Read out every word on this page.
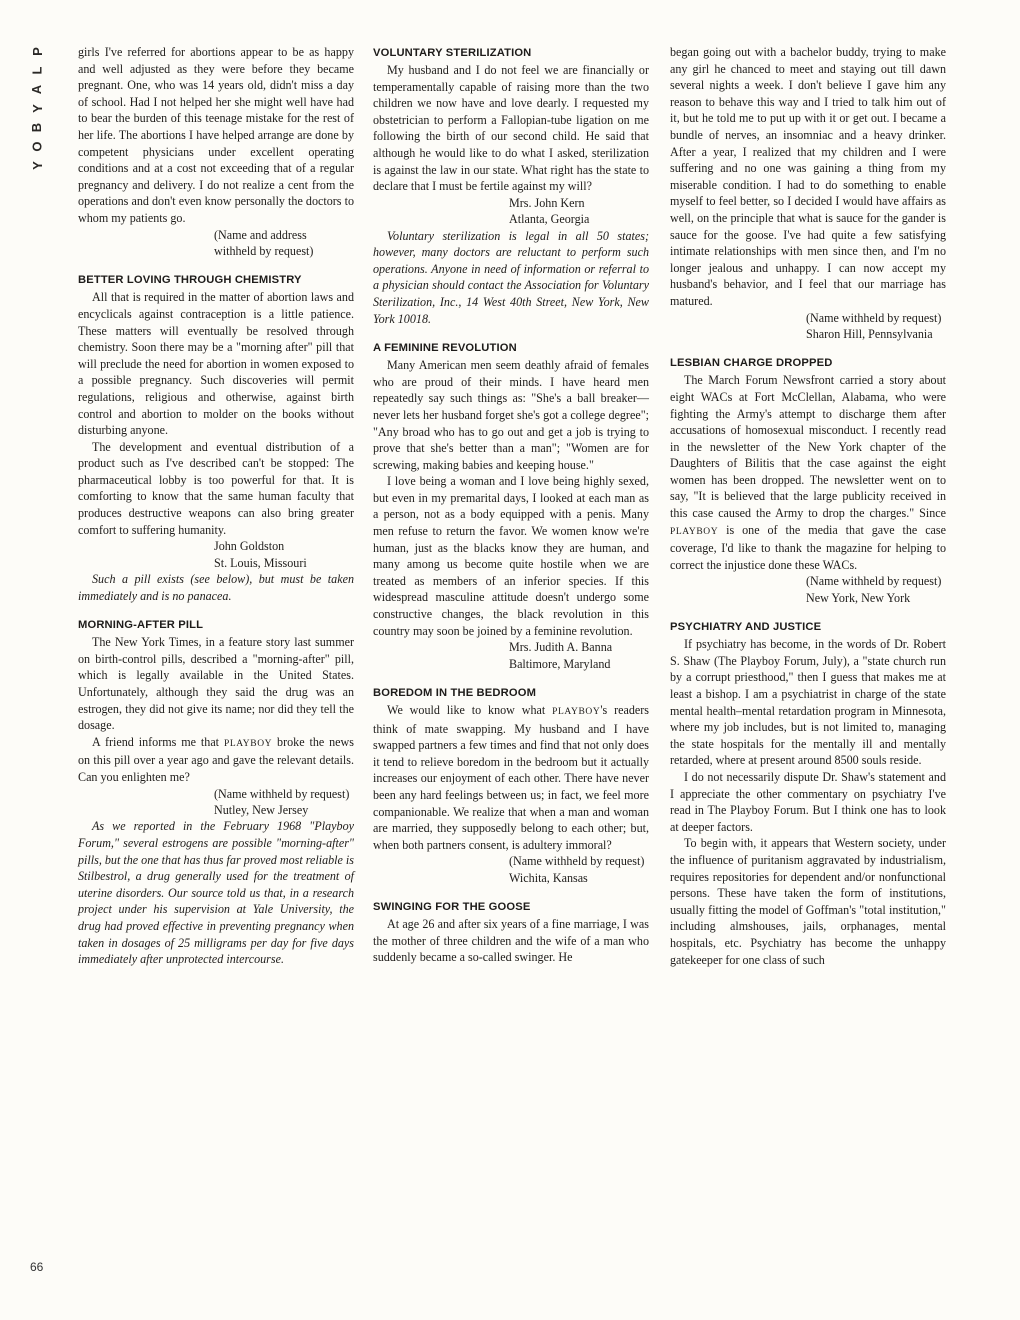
P
L
A
Y
B
O
Y

girls I've referred for abortions appear to be as happy and well adjusted as they were before they became pregnant. One, who was 14 years old, didn't miss a day of school. Had I not helped her she might well have had to bear the burden of this teenage mistake for the rest of her life. The abortions I have helped arrange are done by competent physicians under excellent operating conditions and at a cost not exceeding that of a regular pregnancy and delivery. I do not realize a cent from the operations and don't even know personally the doctors to whom my patients go.

(Name and address

withheld by request)

BETTER LOVING THROUGH CHEMISTRY

All that is required in the matter of abortion laws and encyclicals against contraception is a little patience. These matters will eventually be resolved through chemistry. Soon there may be a "morning after" pill that will preclude the need for abortion in women exposed to a possible pregnancy. Such discoveries will permit regulations, religious and otherwise, against birth control and abortion to molder on the books without disturbing anyone.

The development and eventual distribution of a product such as I've described can't be stopped: The pharmaceutical lobby is too powerful for that. It is comforting to know that the same human faculty that produces destructive weapons can also bring greater comfort to suffering humanity.

John Goldston

St. Louis, Missouri

Such a pill exists (see below), but must be taken immediately and is no panacea.

MORNING-AFTER PILL

The New York Times, in a feature story last summer on birth-control pills, described a "morning-after" pill, which is legally available in the United States. Unfortunately, although they said the drug was an estrogen, they did not give its name; nor did they tell the dosage.

A friend informs me that PLAYBOY broke the news on this pill over a year ago and gave the relevant details. Can you enlighten me?

(Name withheld by request)

Nutley, New Jersey

As we reported in the February 1968 "Playboy Forum," several estrogens are possible "morning-after" pills, but the one that has thus far proved most reliable is Stilbestrol, a drug generally used for the treatment of uterine disorders. Our source told us that, in a research project under his supervision at Yale University, the drug had proved effective in preventing pregnancy when taken in dosages of 25 milligrams per day for five days immediately after unprotected intercourse.

VOLUNTARY STERILIZATION

My husband and I do not feel we are financially or temperamentally capable of raising more than the two children we now have and love dearly. I requested my obstetrician to perform a Fallopian-tube ligation on me following the birth of our second child. He said that although he would like to do what I asked, sterilization is against the law in our state. What right has the state to declare that I must be fertile against my will?

Mrs. John Kern

Atlanta, Georgia

Voluntary sterilization is legal in all 50 states; however, many doctors are reluctant to perform such operations. Anyone in need of information or referral to a physician should contact the Association for Voluntary Sterilization, Inc., 14 West 40th Street, New York, New York 10018.

A FEMININE REVOLUTION

Many American men seem deathly afraid of females who are proud of their minds. I have heard men repeatedly say such things as: "She's a ball breaker—never lets her husband forget she's got a college degree"; "Any broad who has to go out and get a job is trying to prove that she's better than a man"; "Women are for screwing, making babies and keeping house."

I love being a woman and I love being highly sexed, but even in my premarital days, I looked at each man as a person, not as a body equipped with a penis. Many men refuse to return the favor. We women know we're human, just as the blacks know they are human, and many among us become quite hostile when we are treated as members of an inferior species. If this widespread masculine attitude doesn't undergo some constructive changes, the black revolution in this country may soon be joined by a feminine revolution.

Mrs. Judith A. Banna

Baltimore, Maryland

BOREDOM IN THE BEDROOM

We would like to know what PLAYBOY's readers think of mate swapping. My husband and I have swapped partners a few times and find that not only does it tend to relieve boredom in the bedroom but it actually increases our enjoyment of each other. There have never been any hard feelings between us; in fact, we feel more companionable. We realize that when a man and woman are married, they supposedly belong to each other; but, when both partners consent, is adultery immoral?

(Name withheld by request)

Wichita, Kansas

SWINGING FOR THE GOOSE

At age 26 and after six years of a fine marriage, I was the mother of three children and the wife of a man who suddenly became a so-called swinger. He

began going out with a bachelor buddy, trying to make any girl he chanced to meet and staying out till dawn several nights a week. I don't believe I gave him any reason to behave this way and I tried to talk him out of it, but he told me to put up with it or get out. I became a bundle of nerves, an insomniac and a heavy drinker. After a year, I realized that my children and I were suffering and no one was gaining a thing from my miserable condition. I had to do something to enable myself to feel better, so I decided I would have affairs as well, on the principle that what is sauce for the gander is sauce for the goose. I've had quite a few satisfying intimate relationships with men since then, and I'm no longer jealous and unhappy. I can now accept my husband's behavior, and I feel that our marriage has matured.

(Name withheld by request)

Sharon Hill, Pennsylvania

LESBIAN CHARGE DROPPED

The March Forum Newsfront carried a story about eight WACs at Fort McClellan, Alabama, who were fighting the Army's attempt to discharge them after accusations of homosexual misconduct. I recently read in the newsletter of the New York chapter of the Daughters of Bilitis that the case against the eight women has been dropped. The newsletter went on to say, "It is believed that the large publicity received in this case caused the Army to drop the charges." Since PLAYBOY is one of the media that gave the case coverage, I'd like to thank the magazine for helping to correct the injustice done these WACs.

(Name withheld by request)

New York, New York

PSYCHIATRY AND JUSTICE

If psychiatry has become, in the words of Dr. Robert S. Shaw (The Playboy Forum, July), a "state church run by a corrupt priesthood," then I guess that makes me at least a bishop. I am a psychiatrist in charge of the state mental health–mental retardation program in Minnesota, where my job includes, but is not limited to, managing the state hospitals for the mentally ill and mentally retarded, where at present around 8500 souls reside.

I do not necessarily dispute Dr. Shaw's statement and I appreciate the other commentary on psychiatry I've read in The Playboy Forum. But I think one has to look at deeper factors.

To begin with, it appears that Western society, under the influence of puritanism aggravated by industrialism, requires repositories for dependent and/or nonfunctional persons. These have taken the form of institutions, usually fitting the model of Goffman's "total institution," including almshouses, jails, orphanages, mental hospitals, etc. Psychiatry has become the unhappy gatekeeper for one class of such

66
